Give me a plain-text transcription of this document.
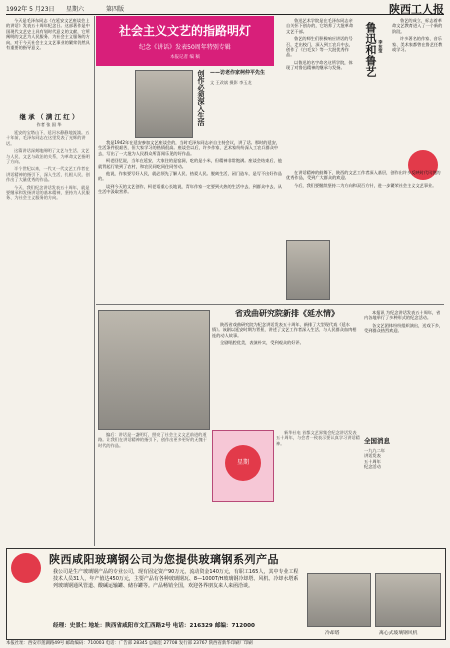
1992年 5 月23日 星期六	第四版	陕西工人报

今天是毛泽东同志《在延安文艺座谈会上的讲话》发表五十周年纪念日。这部著作是中国现代文艺史上具有划时代意义的文献，它所阐明的文艺为人民服务、为社会主义服务的方向，对于今天社会主义文艺事业的繁荣仍然具有重要的指导意义。

继 承 （ 满 江 红 ）
作者 张 国 华

延安的宝塔山下，延河水静静地流淌。五十年前，毛泽东同志在这里发表了光辉的讲话。

这篇讲话深刻地阐明了文艺与生活、文艺与人民、文艺与政治的关系，为革命文艺指明了方向。

半个世纪以来，一代又一代文艺工作者在讲话精神的指引下，深入生活，扎根人民，创作出了大量优秀的作品。

今天，我们纪念讲话发表五十周年，就是要继承和发扬讲话的基本精神，坚持为人民服务、为社会主义服务的方向。

社会主义文艺的指路明灯
纪念《讲话》发表50周年特别专辑
本报记者 编 稿
创作必须深入生活 ——访老作家柯仲平先生
文 王改斌 摄影 李玉龙

我是1942年在延安参加文艺座谈会的，当时毛泽东同志亲自主持会议，讲了话。那时的延安，生活条件很艰苦，但大家学习的热情很高。座谈会以后，许多作家、艺术家纷纷深入工农兵群众中去，写出了一大批为人民群众所喜闻乐见的好作品。

柯老回忆说，当年在延安，大家住的是窑洞，吃的是小米，但精神非常饱满。座谈会结束后，他就背起行装到了农村，和农民同吃同住同劳动。

他说，作家要写好人民，就必须先了解人民、热爱人民。脱离生活，闭门造车，是写不出好作品的。

谈到今天的文艺创作，柯老语重心长地说，青年作家一定要到火热的生活中去，到群众中去，从生活中汲取营养。

鲁迅艺术学院是在毛泽东同志亲自关怀下创办的，它培养了大批革命文艺干部。

鲁艺的师生们积极响应讲话的号召，走出校门，深入到工农兵中去，创作了《白毛女》等一大批优秀作品。

以鲁迅的名字命名这所学院，体现了对鲁迅精神的继承与发扬。	鲁迅和鲁艺 李东莹

鲁艺的成立，标志着革命文艺教育进入了一个新的阶段。

许多著名的作家、音乐家、美术家都曾在鲁艺任教或学习。

在讲话精神的鼓舞下，陕西的文艺工作者深入基层，创作出许多反映时代风貌的优秀作品，受到广大群众的欢迎。

今后，我们要继续坚持二为方向和双百方针，进一步繁荣社会主义文艺事业。

省戏曲研究院新排《延水情》

陕西省戏曲研究院为纪念讲话发表五十周年，新排了大型现代戏《延水情》。该剧以延安时期为背景，讲述了文艺工作者深入生活、与人民群众血肉相连的动人故事。

全剧唱腔优美，表演朴实，受到观众的好评。

本报讯 为纪念讲话发表五十周年，省内各地举行了多种形式的纪念活动。

各文艺团体纷纷组织演出，送戏下乡，受到群众热烈欢迎。

星期
全国消息
一九九二年
讲话发表
五十周年
纪念活动

新华社电 首都文艺界集会纪念讲话发表五十周年，与会者一致表示要认真学习讲话精神。

编后：讲话是一盏明灯，照亮了社会主义文艺前进的道路。让我们在讲话精神的指引下，创作出更多更好的无愧于时代的作品。

陕西咸阳玻璃钢公司为您提供玻璃钢系列产品
我公司是生产玻璃钢产品的专业公司，现有固定资产90万元，流动资金140万元，有职工165人，其中专业工程技术人员31人，年产值达450万元，主要产品有各种玻璃钢瓦、8—1000T/H玻璃钢冷却塔、风机、冷却水塔系列玻璃钢通风管道、酸碱运输罐、储存罐等。产品畅销全国，欢迎各界朋友来人来函洽谈。
经理：史景仁 地址：陕西省咸阳市文汇西路2号 电话：216329 邮编：712000
冷却塔	离心式玻璃钢风机
本报社址：西安市莲湖路49号 邮政编码：710003 电话：广告部 28345 总编室 27708 发行部 23767 陕西省新华印刷厂印刷
